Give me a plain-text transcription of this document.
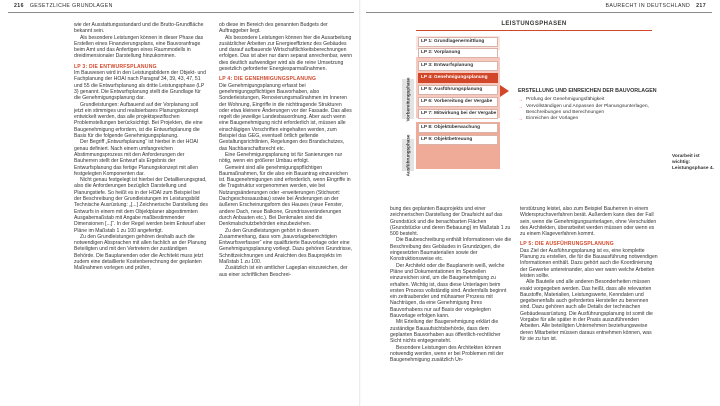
216 GESETZLICHE GRUNDLAGEN	BAURECHT IN DEUTSCHLAND 217

wie der Ausstattungsstandard und die Brutto-Grundfläche bekannt sein.

Als besondere Leistungen können in dieser Phase das Erstellen eines Finanzierungsplans, eine Bauvoranfrage beim Amt und das Anfertigen eines Raummodells in dreidimensionaler Darstellung hinzukommen.

LP 3: DIE ENTWURFSPLANUNG

Im Bauwesen wird in den Leistungsbildern der Objekt- und Fachplanung der HOAI nach Paragraf 34, 39, 43, 47, 51 und 55 die Entwurfsplanung als dritte Leistungsphase (LP 3) genannt. Die Entwurfsplanung stellt die Grundlage für die Genehmigungsplanung dar.

Grundleistungen: Aufbauend auf der Vorplanung soll jetzt ein stimmiges und realisierbares Planungskonzept entwickelt werden, das alle projektspezifischen Problemstellungen berücksichtigt. Bei Projekten, die eine Baugenehmigung erfordern, ist die Entwurfsplanung die Basis für die folgende Genehmigungsplanung.

Der Begriff „Entwurfsplanung“ ist hierbei in der HOAI genau definiert. Nach einem umfangreichen Abstimmungsprozess mit den Anforderungen der Bauherren stellt der Entwurf als Ergebnis der Entwurfsplanung das fertige Planungskonzept mit allen festgelegten Komponenten dar.

Nicht genau festgelegt ist hierbei der Detaillierungsgrad, also die Anforderungen bezüglich Darstellung und Planungstiefe. So heißt es in der HOAI zum Beispiel bei der Beschreibung der Grundleistungen im Leistungsbild Technische Ausrüstung: „[...] Zeichnerische Darstellung des Entwurfs in einem mit dem Objektplaner abgestimmten Ausgabemaßstab mit Angabe maßbestimmender Dimensionen [...]“. In der Regel werden beim Entwurf aber Pläne im Maßstab 1 zu 100 angefertigt.

Zu den Grundleistungen gehören deshalb auch die notwendigen Absprachen mit allen fachlich an der Planung Beteiligten und mit den Vertretern der zuständigen Behörde. Die Bauplanenden oder die Architekt muss jetzt zudem eine detaillierte Kostenberechnung der geplanten Maßnahmen vorlegen und prüfen,

ob diese im Bereich des genannten Budgets der Auftraggeber liegt.

Als besondere Leistungen können hier die Ausarbeitung zusätzlicher Arbeiten zur Energieeffizienz des Gebäudes und darauf aufbauende Wirtschaftlichkeitsberechnungen erfolgen. Das ist aber nur dann separat anrechenbar, wenn dies deutlich aufwendiger wird als die reine Umsetzung gesetzlich geforderter Energiesparmaßnahmen.

LP 4: DIE GENEHMIGUNGSPLANUNG

Die Genehmigungsplanung erfasst bei genehmigungspflichtigen Bauvorhaben, also Sonderleistungen, Renovierungsmaßnahmen im Inneren der Wohnung, Eingriffe in die nichttragende Strukturen oder etwa kleinere Änderungen vor der Fassade. Das alles regelt die jeweilige Landesbauordnung. Aber auch wenn eine Baugenehmigung nicht erforderlich ist, müssen alle einschlägigen Vorschriften eingehalten werden, zum Beispiel das GEG, eventuell örtlich geltende Gestaltungsrichtlinien, Regelungen des Brandschutzes, das Nachbarschaftsrecht etc.

Eine Genehmigungsplanung ist für Sanierungen nur nötig, wenn ein größerer Umbau erfolgt.

Gemeint sind alle genehmigungspflichtigen Baumaßnahmen, für die also ein Bauantrag einzureichen ist. Baugenehmigungen sind erforderlich, wenn Eingriffe in die Tragstruktur vorgenommen werden, wie bei Nutzungsänderungen oder -erweiterungen (Stichwort: Dachgeschossausbau) sowie bei Änderungen an der äußeren Erscheinungsform des Hauses (neue Fenster, andere Dach, neue Balkone, Grundrissveränderungen durch Anbauten etc.). Bei Denkmalen sind die Denkmalschutzbehörden einzubeziehen.

Zu den Grundleistungen gehört in diesem Zusammenhang, dass vom „bauvorlageberechtigten Entwurfsverfasser“ eine qualifizierte Bauvorlage oder eine Genehmigungsplanung vorliegt. Dazu gehören Grundrisse, Schnittzeichnungen und Ansichten des Bauprojekts im Maßstab 1 zu 100.

Zusätzlich ist ein amtlicher Lageplan einzureichen, der aus einer schriftlichen Beschrei-

bung des geplanten Bauprojekts und einer zeichnerischen Darstellung der Draufsicht auf das Grundstück und die benachbarten Flächen (Grundstücke und deren Bebauung) im Maßstab 1 zu 500 besteht.

Die Baubeschreibung enthält Informationen wie die Beschreibung des Gebäudes in Grundzügen, die eingesetzten Baumaterialien sowie der Konstruktionsweise etc.

Der Architekt oder die Bauplanerin weiß, welche Pläne und Dokumentationen im Speziellen einzureichen sind, um die Baugenehmigung zu erhalten. Wichtig ist, dass diese Unterlagen beim ersten Prozess vollständig sind. Andernfalls beginnt ein zeitraubender und mühsamer Prozess mit Nachträgen, da eine Genehmigung Ihres Bauvorhabens nur auf Basis der vorgelegten Bauvorlage erfolgen kann.

Mit Erteilung der Baugenehmigung erklärt die zuständige Bauaufsichtsbehörde, dass dem geplanten Bauvorhaben aus öffentlich-rechtlicher Sicht nichts entgegensteht.

Besondere Leistungen des Architekten können notwendig werden, wenn er bei Problemen mit der Baugenehmigung zusätzlich Un-

terstützung leistet, also zum Beispiel Bauherren in einem Widerspruchsverfahren berät. Außerdem kann dies der Fall sein, wenn die Genehmigungsunterlagen, ohne Verschulden des Architekten, überarbeitet werden müssen oder wenn es zu einem Klageverfahren kommt.

LP 5: DIE AUSFÜHRUNGSPLANUNG

Das Ziel der Ausführungsplanung ist es, eine komplette Planung zu erstellen, die für die Bauausführung notwendigen Informationen enthält. Dazu gehört auch die Koordinierung der Gewerke untereinander, also wer wann welche Arbeiten leisten sollte.

Alle Bauteile und alle anderen Besonderheiten müssen exakt vorgegeben werden. Das heißt, dass alle relevanten Baustoffe, Materialien, Leistungswerte, Kenndaten und gegebenenfalls auch gefordertes Hersteller zu benennen sind. Dazu gehören auch alle Details der technischen Gebäudeausrüstung. Die Ausführungsplanung ist somit die Vorgabe für alle später in der Praxis auszuführenden Arbeiten. Alle beteiligten Unternehmen beziehungsweise deren Mitarbeiter müssen daraus entnehmen können, was für sie zu tun ist.

LEISTUNGSPHASEN
LP 1: Grundlagenermittlung
LP 2: Vorplanung
LP 3: Entwurfsplanung
LP 4: Genehmigungsplanung
LP 5: Ausführungsplanung
LP 6: Vorbereitung der Vergabe
LP 7: Mitwirkung bei der Vergabe
LP 8: Objektüberwachung
LP 9: Objektbetreuung
Vorbereitungsphase
Ausführungsphase
ERSTELLUNG UND EINREICHEN DER BAUVORLAGEN
→ Prüfung der Genehmigungsfähigkeit
→ Vervollständigen und Anpassen der Planungsunterlagen, Beschreibungen und Berechnungen
→ Einreichen der Vorlagen
Vorarbeit ist wichtig: Leistungsphase 4.
